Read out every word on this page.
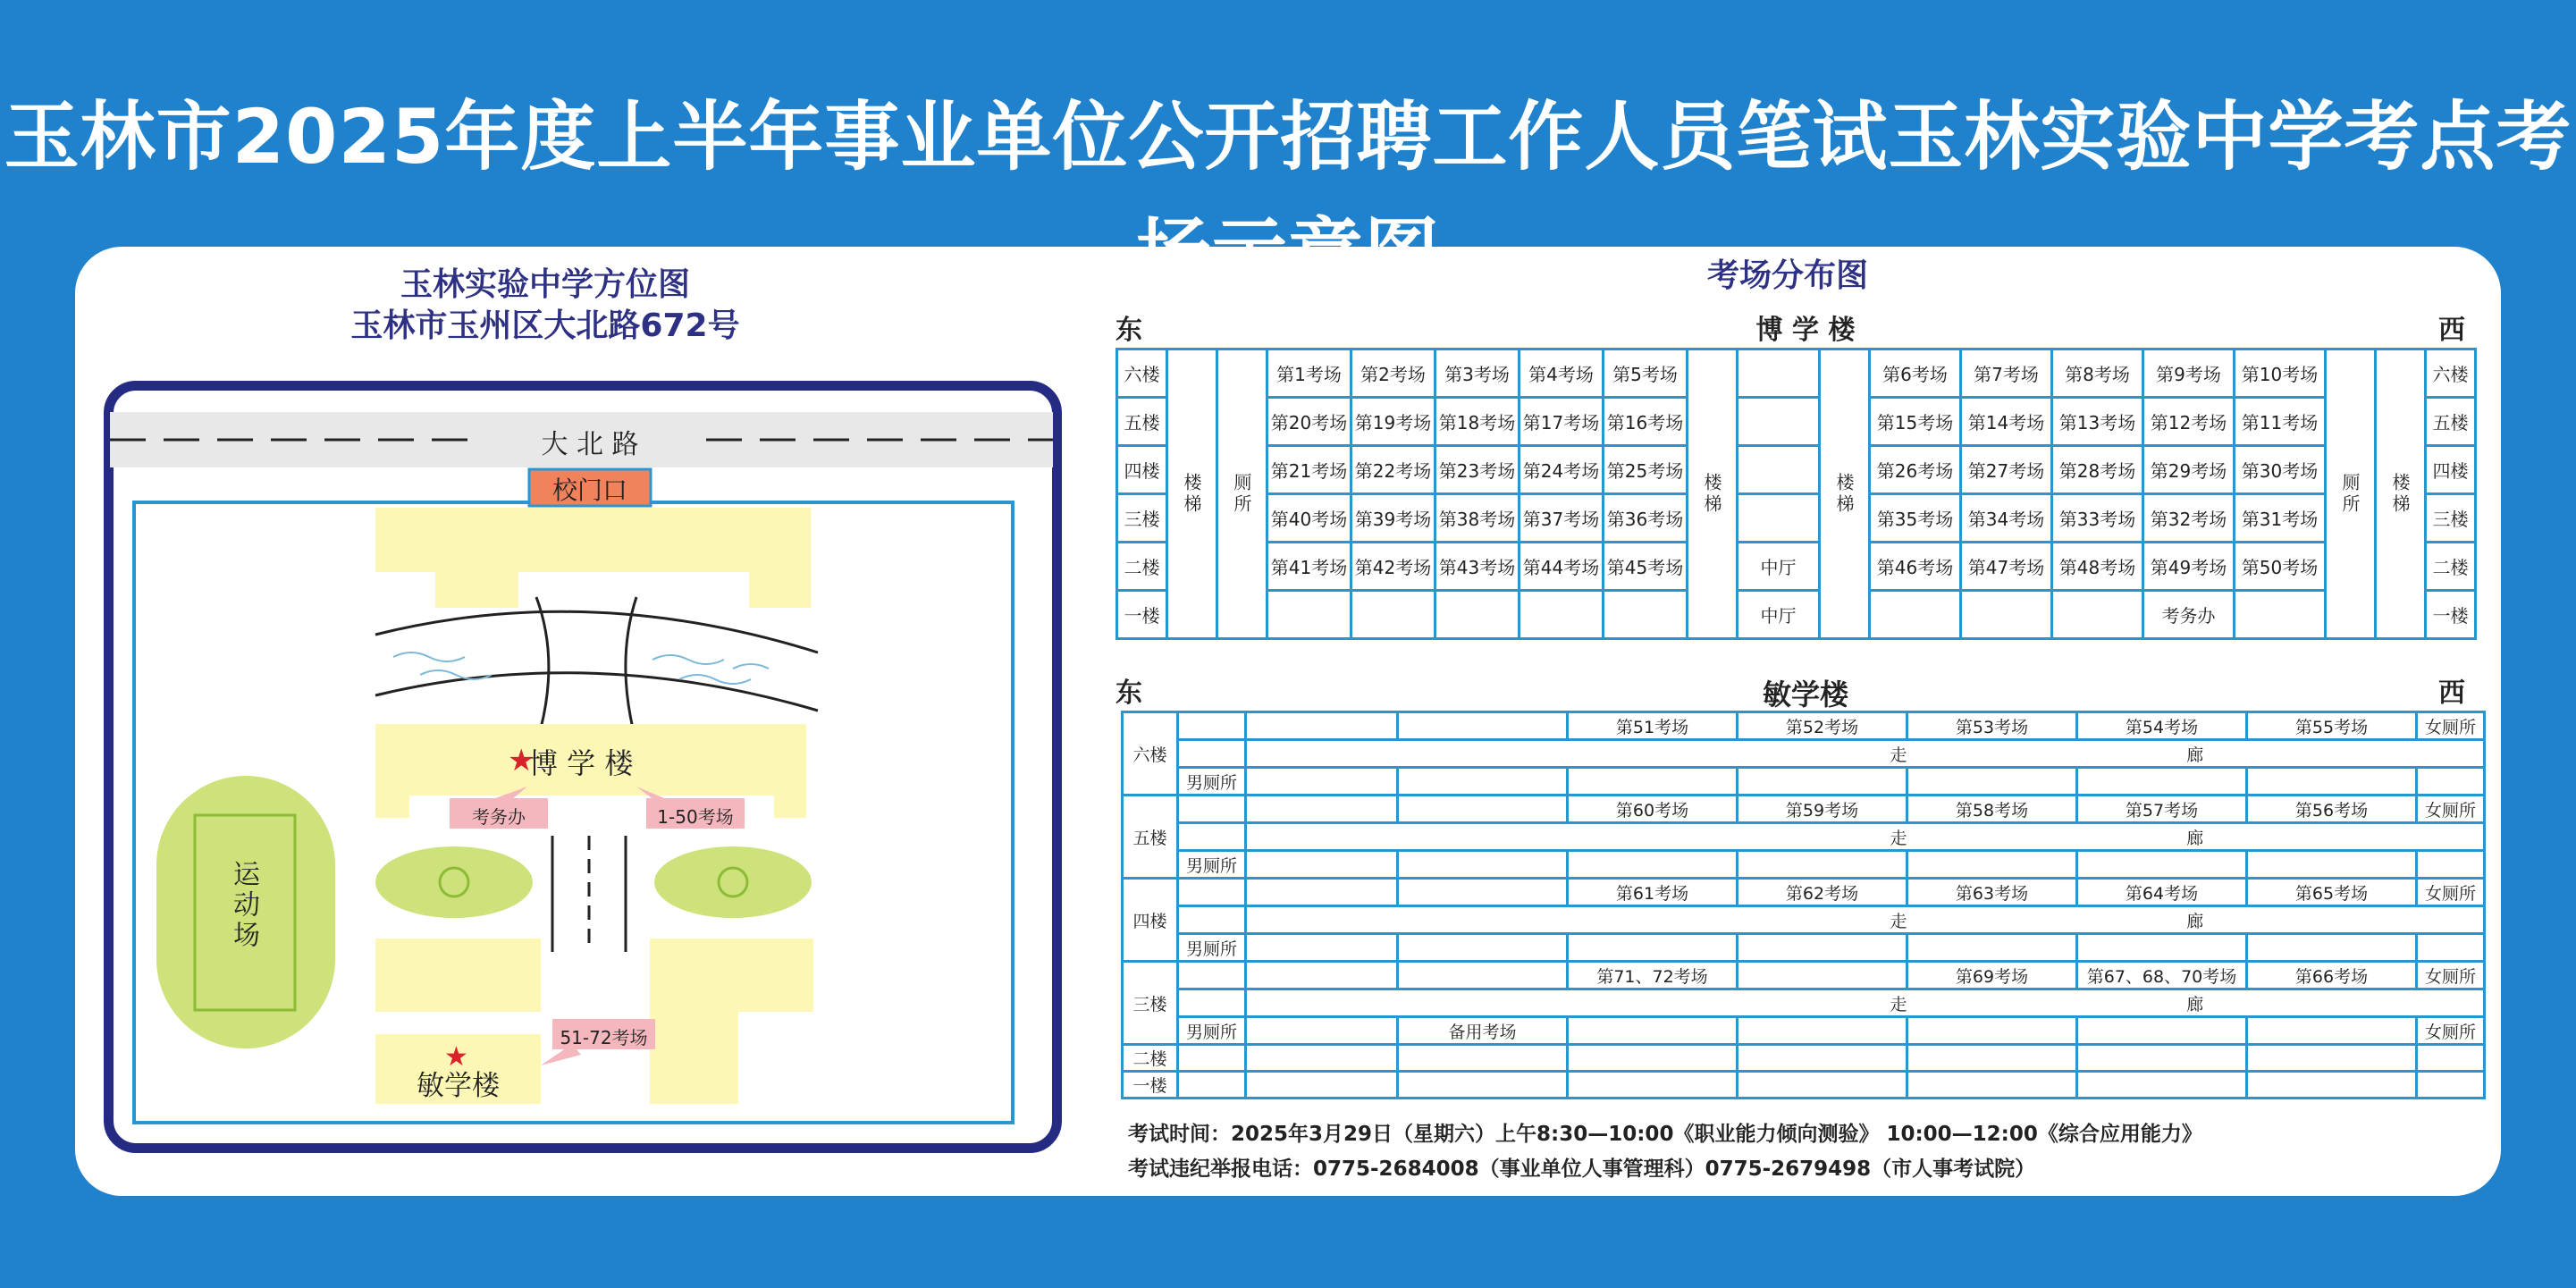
玉林市2025年度上半年事业单位公开招聘工作人员笔试玉林实验中学考点考
玉林实验中学方位图
玉林市玉州区大北路672号
★
★
大 北 路
校门口
博 学 楼
考务办	1-50考场
运动场
51-72考场
敏学楼
考场分布图
东	博 学 楼	西
六楼	楼梯	厕所	第1考场	第2考场	第3考场	第4考场	第5考场	楼梯		楼梯	第6考场	第7考场	第8考场	第9考场	第10考场	厕所	楼梯	六楼
五楼			第20考场	第19考场	第18考场	第17考场	第16考场				第15考场	第14考场	第13考场	第12考场	第11考场			五楼
四楼			第21考场	第22考场	第23考场	第24考场	第25考场				第26考场	第27考场	第28考场	第29考场	第30考场			四楼
三楼			第40考场	第39考场	第38考场	第37考场	第36考场				第35考场	第34考场	第33考场	第32考场	第31考场			三楼
二楼			第41考场	第42考场	第43考场	第44考场	第45考场		中厅		第46考场	第47考场	第48考场	第49考场	第50考场			二楼
一楼									中厅					考务办				一楼
东	敏学楼	西
六楼				第51考场	第52考场	第53考场	第54考场	第55考场	女厕所
		走				廊			
	男厕所								
五楼				第60考场	第59考场	第58考场	第57考场	第56考场	女厕所
		走				廊			
	男厕所								
四楼				第61考场	第62考场	第63考场	第64考场	第65考场	女厕所
		走				廊			
	男厕所								
三楼				第71、72考场		第69考场	第67、68、70考场	第66考场	女厕所
		走				廊			
	男厕所		备用考场						女厕所
二楼									
一楼									
考试时间：2025年3月29日（星期六）上午8:30—10:00《职业能力倾向测验》 10:00—12:00《综合应用能力》
考试违纪举报电话：0775-2684008（事业单位人事管理科）0775-2679498（市人事考试院）
